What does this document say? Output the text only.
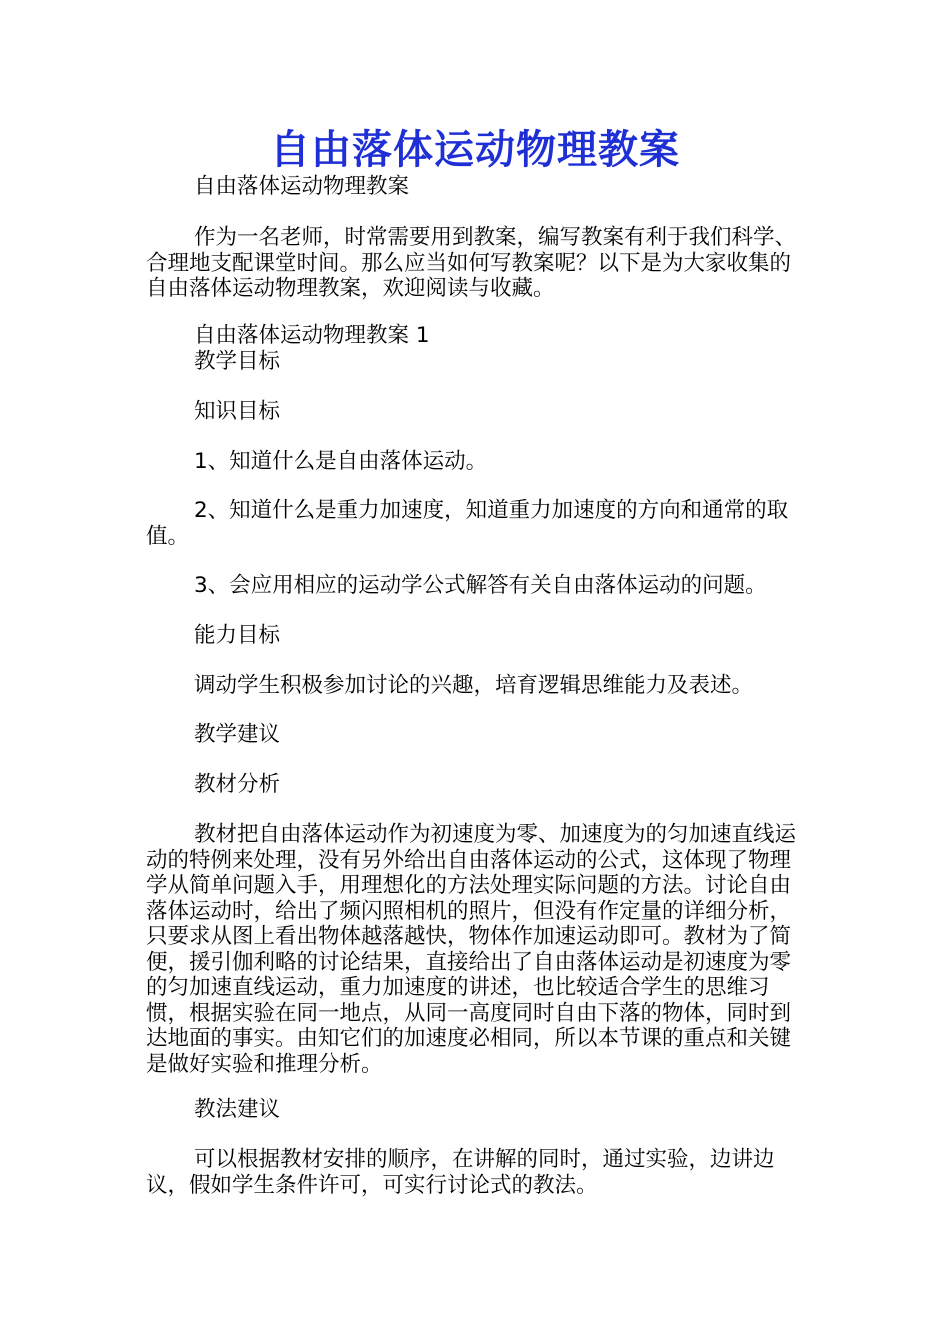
自由落体运动物理教案

自由落体运动物理教案

作为一名老师，时常需要用到教案，编写教案有利于我们科学、合理地支配课堂时间。那么应当如何写教案呢？以下是为大家收集的自由落体运动物理教案，欢迎阅读与收藏。

自由落体运动物理教案 1

教学目标

知识目标

1、知道什么是自由落体运动。

2、知道什么是重力加速度，知道重力加速度的方向和通常的取值。

3、会应用相应的运动学公式解答有关自由落体运动的问题。

能力目标

调动学生积极参加讨论的兴趣，培育逻辑思维能力及表述。

教学建议

教材分析

教材把自由落体运动作为初速度为零、加速度为的匀加速直线运动的特例来处理，没有另外给出自由落体运动的公式，这体现了物理学从简单问题入手，用理想化的方法处理实际问题的方法。讨论自由落体运动时，给出了频闪照相机的照片，但没有作定量的详细分析，只要求从图上看出物体越落越快，物体作加速运动即可。教材为了简便，援引伽利略的讨论结果，直接给出了自由落体运动是初速度为零的匀加速直线运动，重力加速度的讲述，也比较适合学生的思维习惯，根据实验在同一地点，从同一高度同时自由下落的物体，同时到达地面的事实。由知它们的加速度必相同，所以本节课的重点和关键是做好实验和推理分析。

教法建议

可以根据教材安排的顺序，在讲解的同时，通过实验，边讲边议，假如学生条件许可，可实行讨论式的教法。
